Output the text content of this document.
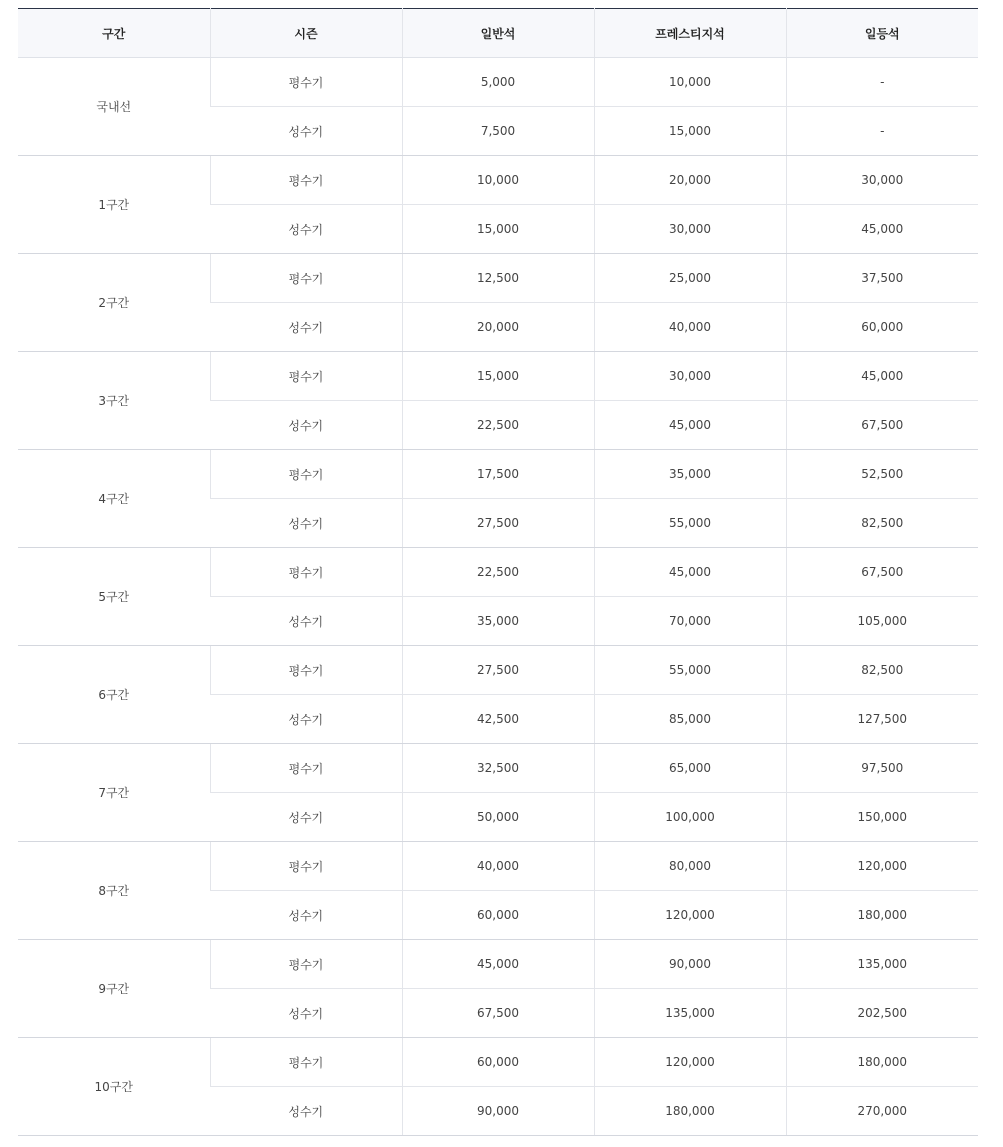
구간	시즌	일반석	프레스티지석	일등석
국내선	평수기	5,000	10,000	-
	성수기	7,500	15,000	-
1구간	평수기	10,000	20,000	30,000
	성수기	15,000	30,000	45,000
2구간	평수기	12,500	25,000	37,500
	성수기	20,000	40,000	60,000
3구간	평수기	15,000	30,000	45,000
	성수기	22,500	45,000	67,500
4구간	평수기	17,500	35,000	52,500
	성수기	27,500	55,000	82,500
5구간	평수기	22,500	45,000	67,500
	성수기	35,000	70,000	105,000
6구간	평수기	27,500	55,000	82,500
	성수기	42,500	85,000	127,500
7구간	평수기	32,500	65,000	97,500
	성수기	50,000	100,000	150,000
8구간	평수기	40,000	80,000	120,000
	성수기	60,000	120,000	180,000
9구간	평수기	45,000	90,000	135,000
	성수기	67,500	135,000	202,500
10구간	평수기	60,000	120,000	180,000
	성수기	90,000	180,000	270,000
